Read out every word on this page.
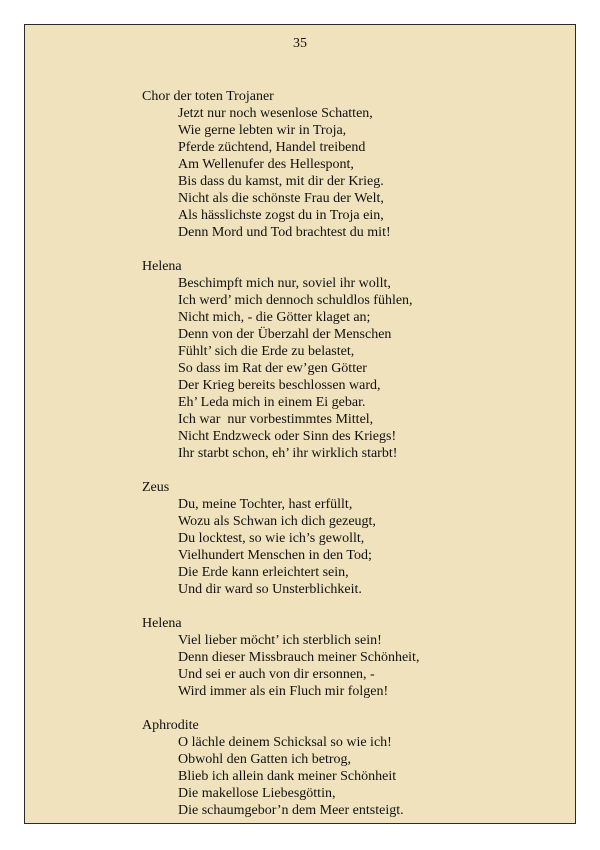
35

Chor der toten Trojaner

Jetzt nur noch wesenlose Schatten,
Wie gerne lebten wir in Troja,
Pferde züchtend, Handel treibend
Am Wellenufer des Hellespont,
Bis dass du kamst, mit dir der Krieg.
Nicht als die schönste Frau der Welt,
Als hässlichste zogst du in Troja ein,
Denn Mord und Tod brachtest du mit!

Helena

Beschimpft mich nur, soviel ihr wollt,
Ich werd’ mich dennoch schuldlos fühlen,
Nicht mich, - die Götter klaget an;
Denn von der Überzahl der Menschen
Fühlt’ sich die Erde zu belastet,
So dass im Rat der ew’gen Götter
Der Krieg bereits beschlossen ward,
Eh’ Leda mich in einem Ei gebar.
Ich war  nur vorbestimmtes Mittel,
Nicht Endzweck oder Sinn des Kriegs!
Ihr starbt schon, eh’ ihr wirklich starbt!

Zeus

Du, meine Tochter, hast erfüllt,
Wozu als Schwan ich dich gezeugt,
Du locktest, so wie ich’s gewollt,
Vielhundert Menschen in den Tod;
Die Erde kann erleichtert sein,
Und dir ward so Unsterblichkeit.

Helena

Viel lieber möcht’ ich sterblich sein!
Denn dieser Missbrauch meiner Schönheit,
Und sei er auch von dir ersonnen, -
Wird immer als ein Fluch mir folgen!

Aphrodite

O lächle deinem Schicksal so wie ich!
Obwohl den Gatten ich betrog,
Blieb ich allein dank meiner Schönheit
Die makellose Liebesgöttin,
Die schaumgebor’n dem Meer entsteigt.
